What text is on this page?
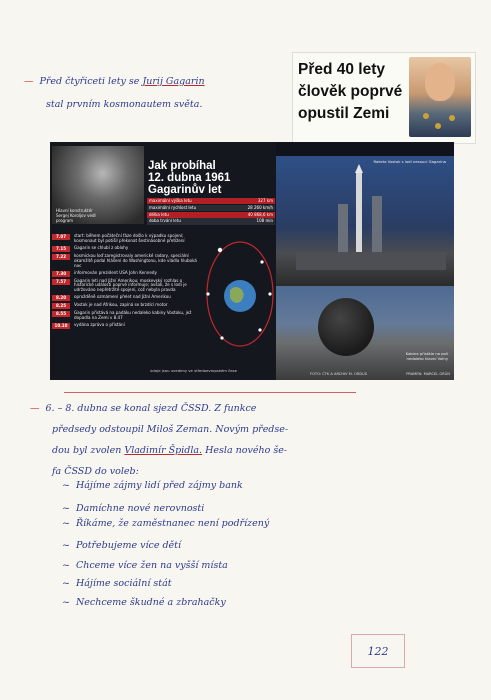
— Před čtyřiceti lety se Jurij Gagarin
stal prvním kosmonautem světa.
Před 40 lety
člověk poprvé
opustil Zemi
Hlavní konstruktér Sergej Koroljov vedl program
Jak probíhal
12. dubna 1961
Gagarinův let
maximální výška letu	327 km
maximální rychlost letu	28 260 km/h
délka letu	40 868,6 km
doba trvání letu	108 min
7.07	start: během počáteční fáze došlo k výpadku spojení; kosmonaut byl potišil překonat šestinásobné přetížení
7.15	Gagarin se chlubí z oblohy
7.22	kosmickou loď zaregistrovaly americké radary, speciální okamžitě podal hlášení do Washingtonu, kde vládla hluboká noc
7.30	informován prezident USA John Kennedy
7.57	Gagarin letí nad Jižní Amerikou; moskevský rozhlas o historické události poprvé informuje; avšak, že s lodí je udržováno nepřetržité spojení, což nebyla pravda
8.20	oprožděně ozmámení přelet nad Jižní Amerikou
8.25	Vostok je nad Afrikou, zapíná se brzdící motor
8.55	Gagarin přistává na padáku nedaleko kabiny Vostoku, jež dopadla na Zemi v 8.47
10.10	vydána zpráva o přistání
údaje jsou uvedeny ve středoevropském čase
Raketa Vostok s lodí nesoucí Gagarina
Kabina přistála na poli nedaleko hlavní Volhy
FOTO: ČTK A ARCHIV M. ORDUS	PRAMEN: MARCEL GRÜN
— 6. – 8. dubna se konal sjezd ČSSD. Z funkce
předsedy odstoupil Miloš Zeman. Novým předse-
dou byl zvolen Vladimír Špidla. Hesla nového še-
fa ČSSD do voleb:
~ Hájíme zájmy lidí před zájmy bank
~ Damíchne nové nerovnosti
~ Říkáme, že zaměstnanec není podřízený
~ Potřebujeme více dětí
~ Chceme více žen na vyšší místa
~ Hájíme sociální stát
~ Nechceme škudné a zbrahačky
122
